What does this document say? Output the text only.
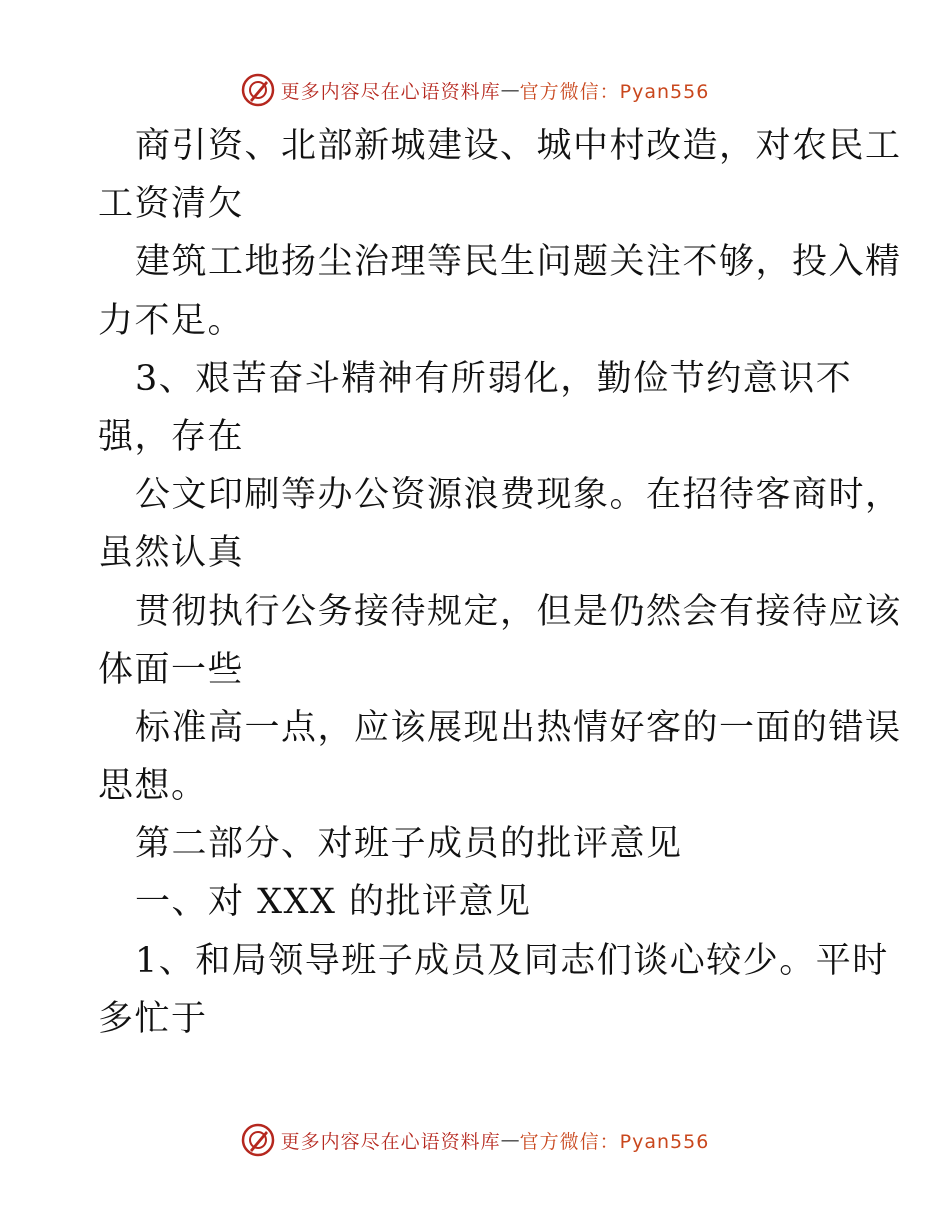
更多内容尽在心语资料库 — 官方微信：Pyan556
商引资、北部新城建设、城中村改造，对农民工
工资清欠
建筑工地扬尘治理等民生问题关注不够，投入精
力不足。
3、艰苦奋斗精神有所弱化，勤俭节约意识不
强，存在
公文印刷等办公资源浪费现象。在招待客商时，
虽然认真
贯彻执行公务接待规定，但是仍然会有接待应该
体面一些
标准高一点，应该展现出热情好客的一面的错误
思想。
第二部分、对班子成员的批评意见
一、对 XXX 的批评意见
1、和局领导班子成员及同志们谈心较少。平时
多忙于
更多内容尽在心语资料库 — 官方微信：Pyan556
